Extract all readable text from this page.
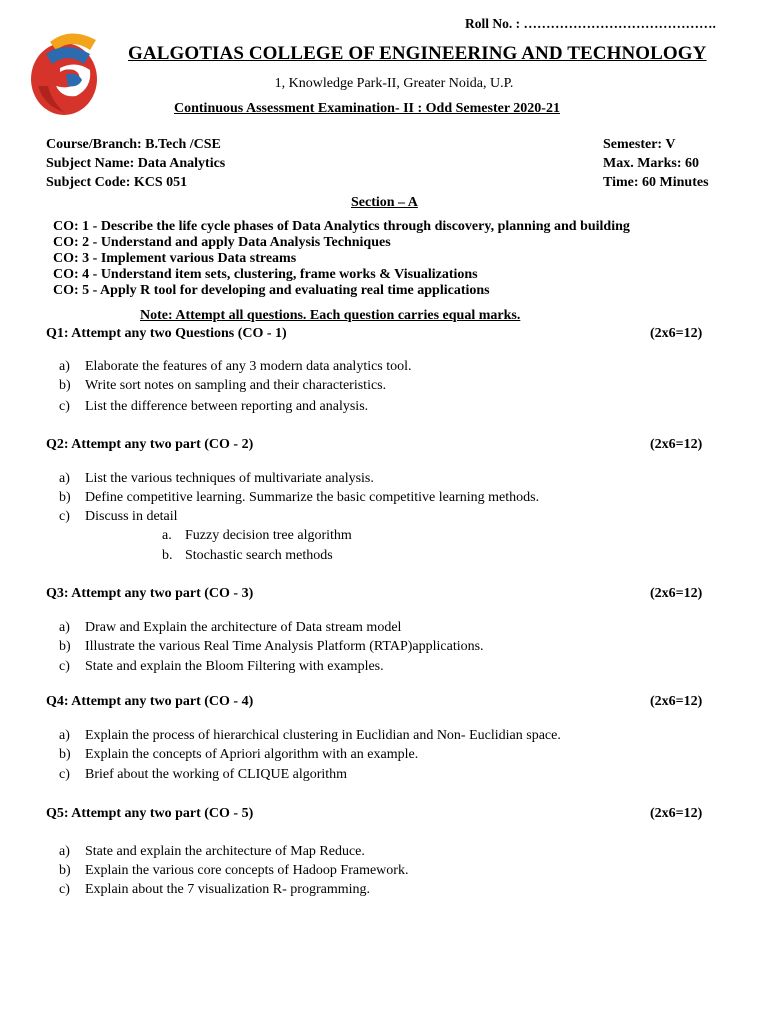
Roll No. : …………………………………….
GALGOTIAS COLLEGE OF ENGINEERING AND TECHNOLOGY
1, Knowledge Park-II, Greater Noida, U.P.
Continuous Assessment Examination- II : Odd Semester 2020-21
Course/Branch: B.Tech /CSE
Subject Name: Data Analytics
Subject Code: KCS 051
Semester: V
Max. Marks: 60
Time: 60 Minutes
Section – A
CO: 1 - Describe the life cycle phases of Data Analytics through discovery, planning and building
CO: 2 - Understand and apply Data Analysis Techniques
CO: 3 - Implement various Data streams
CO: 4 - Understand item sets, clustering, frame works & Visualizations
CO: 5 - Apply R tool for developing and evaluating real time applications
Note: Attempt all questions. Each question carries equal marks.
Q1: Attempt any two Questions (CO - 1)	(2x6=12)
a) Elaborate the features of any 3 modern data analytics tool.
b) Write sort notes on sampling and their characteristics.
c) List the difference between reporting and analysis.
Q2: Attempt any two part (CO - 2)	(2x6=12)
a) List the various techniques of multivariate analysis.
b) Define competitive learning. Summarize the basic competitive learning methods.
c) Discuss in detail
a. Fuzzy decision tree algorithm
b. Stochastic search methods
Q3: Attempt any two part (CO - 3)	(2x6=12)
a) Draw and Explain the architecture of Data stream model
b) Illustrate the various Real Time Analysis Platform (RTAP)applications.
c) State and explain the Bloom Filtering with examples.
Q4: Attempt any two part (CO - 4)	(2x6=12)
a) Explain the process of hierarchical clustering in Euclidian and Non- Euclidian space.
b) Explain the concepts of Apriori algorithm with an example.
c) Brief about the working of CLIQUE algorithm
Q5: Attempt any two part (CO - 5)	(2x6=12)
a) State and explain the architecture of Map Reduce.
b) Explain the various core concepts of Hadoop Framework.
c) Explain about the 7 visualization R- programming.
